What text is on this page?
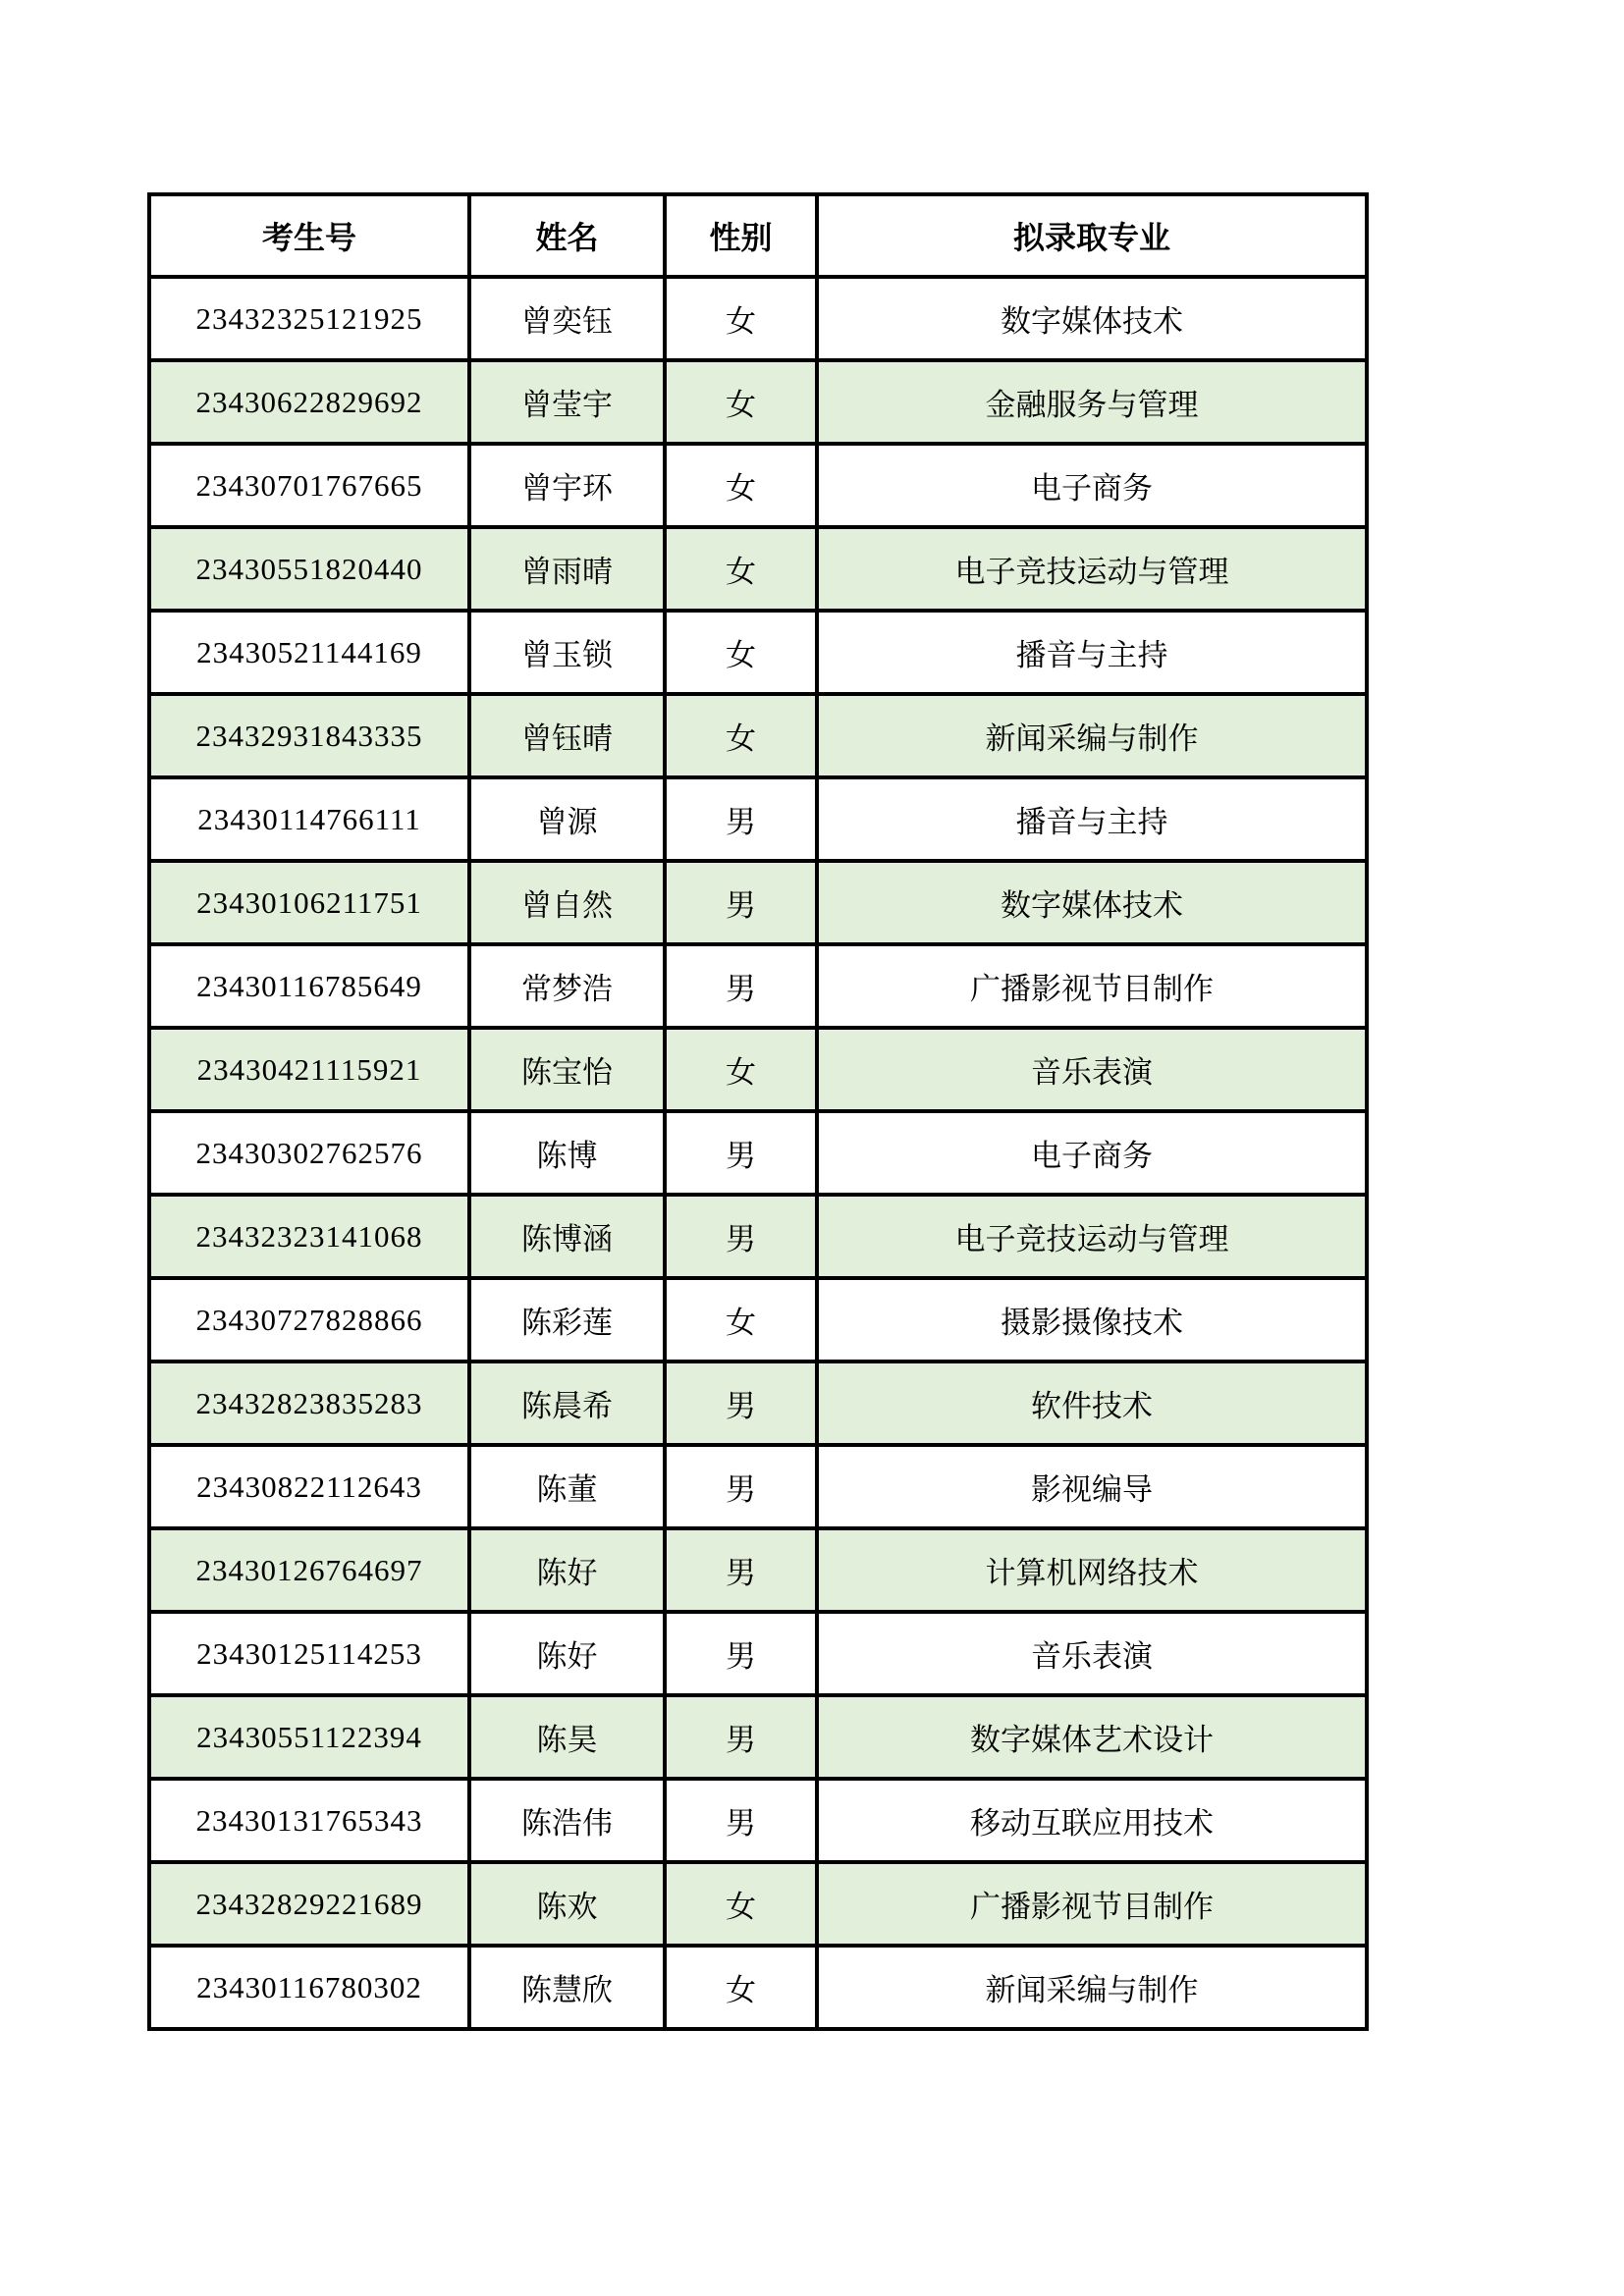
考生号	姓名	性别	拟录取专业
23432325121925	曾奕钰	女	数字媒体技术
23430622829692	曾莹宇	女	金融服务与管理
23430701767665	曾宇环	女	电子商务
23430551820440	曾雨晴	女	电子竞技运动与管理
23430521144169	曾玉锁	女	播音与主持
23432931843335	曾钰晴	女	新闻采编与制作
23430114766111	曾源	男	播音与主持
23430106211751	曾自然	男	数字媒体技术
23430116785649	常梦浩	男	广播影视节目制作
23430421115921	陈宝怡	女	音乐表演
23430302762576	陈博	男	电子商务
23432323141068	陈博涵	男	电子竞技运动与管理
23430727828866	陈彩莲	女	摄影摄像技术
23432823835283	陈晨希	男	软件技术
23430822112643	陈董	男	影视编导
23430126764697	陈好	男	计算机网络技术
23430125114253	陈好	男	音乐表演
23430551122394	陈昊	男	数字媒体艺术设计
23430131765343	陈浩伟	男	移动互联应用技术
23432829221689	陈欢	女	广播影视节目制作
23430116780302	陈慧欣	女	新闻采编与制作
